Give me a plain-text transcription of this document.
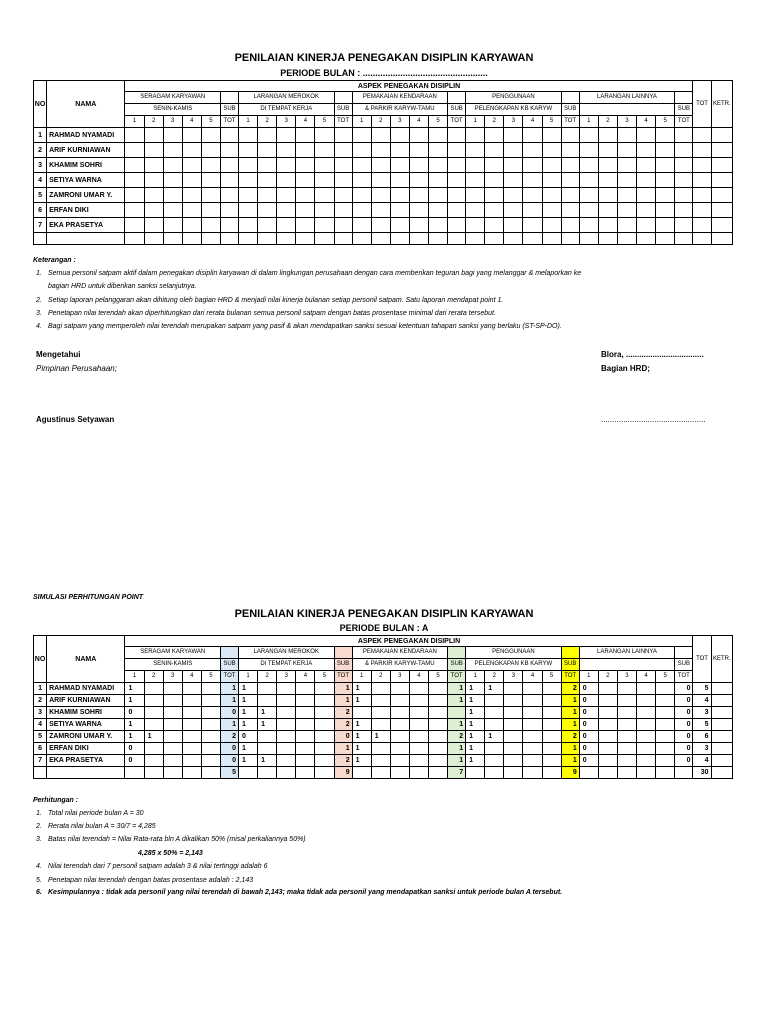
PENILAIAN KINERJA PENEGAKAN DISIPLIN KARYAWAN
PERIODE BULAN : ..................................................
NO	NAMA	ASPEK PENEGAKAN DISIPLIN																														TOT	KETR.
		SERAGAM KARYAWAN						LARANGAN MEROKOK						PEMAKAIAN KENDARAAN						PENGGUNAAN						LARANGAN LAINNYA							
		SENIN-KAMIS					SUB	DI TEMPAT KERJA					SUB	& PARKIR KARYW-TAMU					SUB	PELENGKAPAN KB KARYW					SUB						SUB		
		1	2	3	4	5	TOT	1	2	3	4	5	TOT	1	2	3	4	5	TOT	1	2	3	4	5	TOT	1	2	3	4	5	TOT		
1	RAHMAD NYAMADI																																
2	ARIF KURNIAWAN																																
3	KHAMIM SOHRI																																
4	SETIYA WARNA																																
5	ZAMRONI UMAR Y.																																
6	ERFAN DIKI																																
7	EKA PRASETYA																																

Keterangan :
1. Semua personil satpam aktif dalam penegakan disiplin karyawan di dalam lingkungan perusahaan dengan cara memberikan teguran bagi yang melanggar & melaporkan ke
bagian HRD untuk diberikan sanksi selanjutnya.
2. Setiap laporan pelanggaran akan dihitung oleh bagian HRD & menjadi nilai kinerja bulanan setiap personil satpam. Satu laporan mendapat point 1.
3. Penetapan nilai terendah akan diperhitungkan dari rerata bulanan semua personil satpam dengan batas prosentase minimal dari rerata tersebut.
4. Bagi satpam yang memperoleh nilai terendah merupakan satpam yang pasif & akan mendapatkan sanksi sesuai ketentuan tahapan sanksi yang berlaku (ST-SP-DO).
Mengetahui
Pimpinan Perusahaan;
Agustinus Setyawan
Blora, ...................................
Bagian HRD;
...............................................
SIMULASI PERHITUNGAN POINT
PENILAIAN KINERJA PENEGAKAN DISIPLIN KARYAWAN
PERIODE BULAN : A
NO	NAMA	ASPEK PENEGAKAN DISIPLIN																														TOT	KETR.
		SERAGAM KARYAWAN						LARANGAN MEROKOK						PEMAKAIAN KENDARAAN						PENGGUNAAN						LARANGAN LAINNYA							
		SENIN-KAMIS					SUB	DI TEMPAT KERJA					SUB	& PARKIR KARYW-TAMU					SUB	PELENGKAPAN KB KARYW					SUB						SUB		
		1	2	3	4	5	TOT	1	2	3	4	5	TOT	1	2	3	4	5	TOT	1	2	3	4	5	TOT	1	2	3	4	5	TOT		
1	RAHMAD NYAMADI	1					1	1					1	1					1	1	1				2	0					0	5	
2	ARIF KURNIAWAN	1					1	1					1	1					1	1					1	0					0	4	
3	KHAMIM SOHRI	0					0	1	1				2							1					1	0					0	3	
4	SETIYA WARNA	1					1	1	1				2	1					1	1					1	0					0	5	
5	ZAMRONI UMAR Y.	1	1				2	0					0	1	1				2	1	1				2	0					0	6	
6	ERFAN DIKI	0					0	1					1	1					1	1					1	0					0	3	
7	EKA PRASETYA	0					0	1	1				2	1					1	1					1	0					0	4	
							5						9						7						9							30	
Perhitungan :
1. Total nilai periode bulan A = 30
2. Rerata nilai bulan A = 30/7 = 4,285
3. Batas nilai terendah = Nilai Rata-rata bln A dikalikan 50% (misal perkaliannya 50%)
4,285 x 50% = 2,143
4. Nilai terendah dari 7 personil satpam adalah 3 & nilai tertinggi adalah 6
5. Penetapan nilai terendah dengan batas prosentase adalah : 2,143
6. Kesimpulannya : tidak ada personil yang nilai terendah di bawah 2,143; maka tidak ada personil yang mendapatkan sanksi untuk periode bulan A tersebut.
